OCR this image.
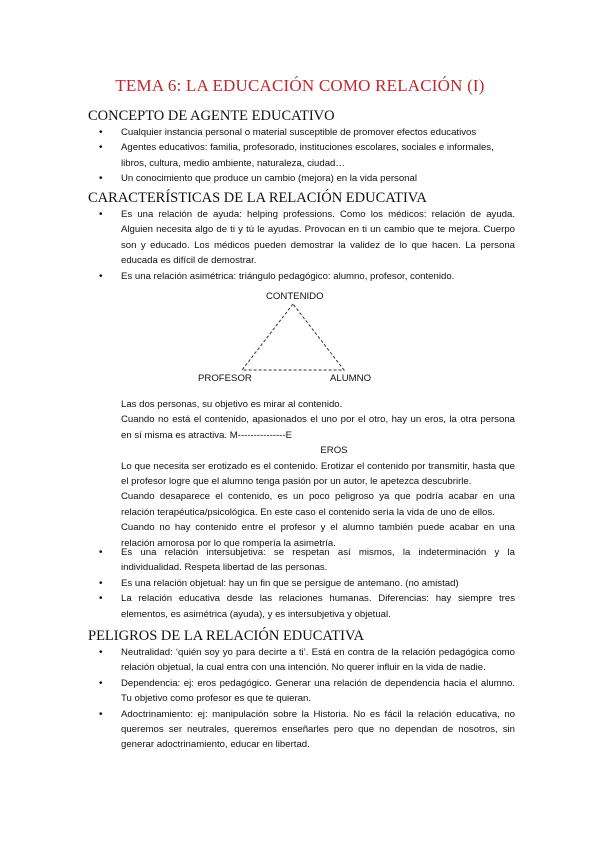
TEMA 6: LA EDUCACIÓN COMO RELACIÓN (I)
CONCEPTO DE AGENTE EDUCATIVO
• Cualquier instancia personal o material susceptible de promover efectos educativos
• Agentes educativos: familia, profesorado, instituciones escolares, sociales e informales, libros, cultura, medio ambiente, naturaleza, ciudad…
• Un conocimiento que produce un cambio (mejora) en la vida personal
CARACTERÍSTICAS DE LA RELACIÓN EDUCATIVA
• Es una relación de ayuda: helping professions. Como los médicos: relación de ayuda. Alguien necesita algo de ti y tú le ayudas. Provocan en ti un cambio que te mejora. Cuerpo son y educado. Los médicos pueden demostrar la validez de lo que hacen. La persona educada es difícil de demostrar.
• Es una relación asimétrica: triángulo pedagógico: alumno, profesor, contenido.
CONTENIDO
PROFESOR	ALUMNO

Las dos personas, su objetivo es mirar al contenido.

Cuando no está el contenido, apasionados el uno por el otro, hay un eros, la otra persona en sí misma es atractiva. M---------------E

EROS

Lo que necesita ser erotizado es el contenido. Erotizar el contenido por transmitir, hasta que el profesor logre que el alumno tenga pasión por un autor, le apetezca descubrirle.

Cuando desaparece el contenido, es un poco peligroso ya que podría acabar en una relación terapéutica/psicológica. En este caso el contenido sería la vida de uno de ellos.

Cuando no hay contenido entre el profesor y el alumno también puede acabar en una relación amorosa por lo que rompería la asimetría.

• Es una relación intersubjetiva: se respetan así mismos, la indeterminación y la individualidad. Respeta libertad de las personas.
• Es una relación objetual: hay un fin que se persigue de antemano. (no amistad)
• La relación educativa desde las relaciones humanas. Diferencias: hay siempre tres elementos, es asimétrica (ayuda), y es intersubjetiva y objetual.
PELIGROS DE LA RELACIÓN EDUCATIVA
• Neutralidad: ‘quién soy yo para decirte a ti’. Está en contra de la relación pedagógica como relación objetual, la cual entra con una intención. No querer influir en la vida de nadie.
• Dependencia: ej: eros pedagógico. Generar una relación de dependencia hacia el alumno. Tu objetivo como profesor es que te quieran.
• Adoctrinamiento: ej: manipulación sobre la Historia. No es fácil la relación educativa, no queremos ser neutrales, queremos enseñarles pero que no dependan de nosotros, sin generar adoctrinamiento, educar en libertad.
